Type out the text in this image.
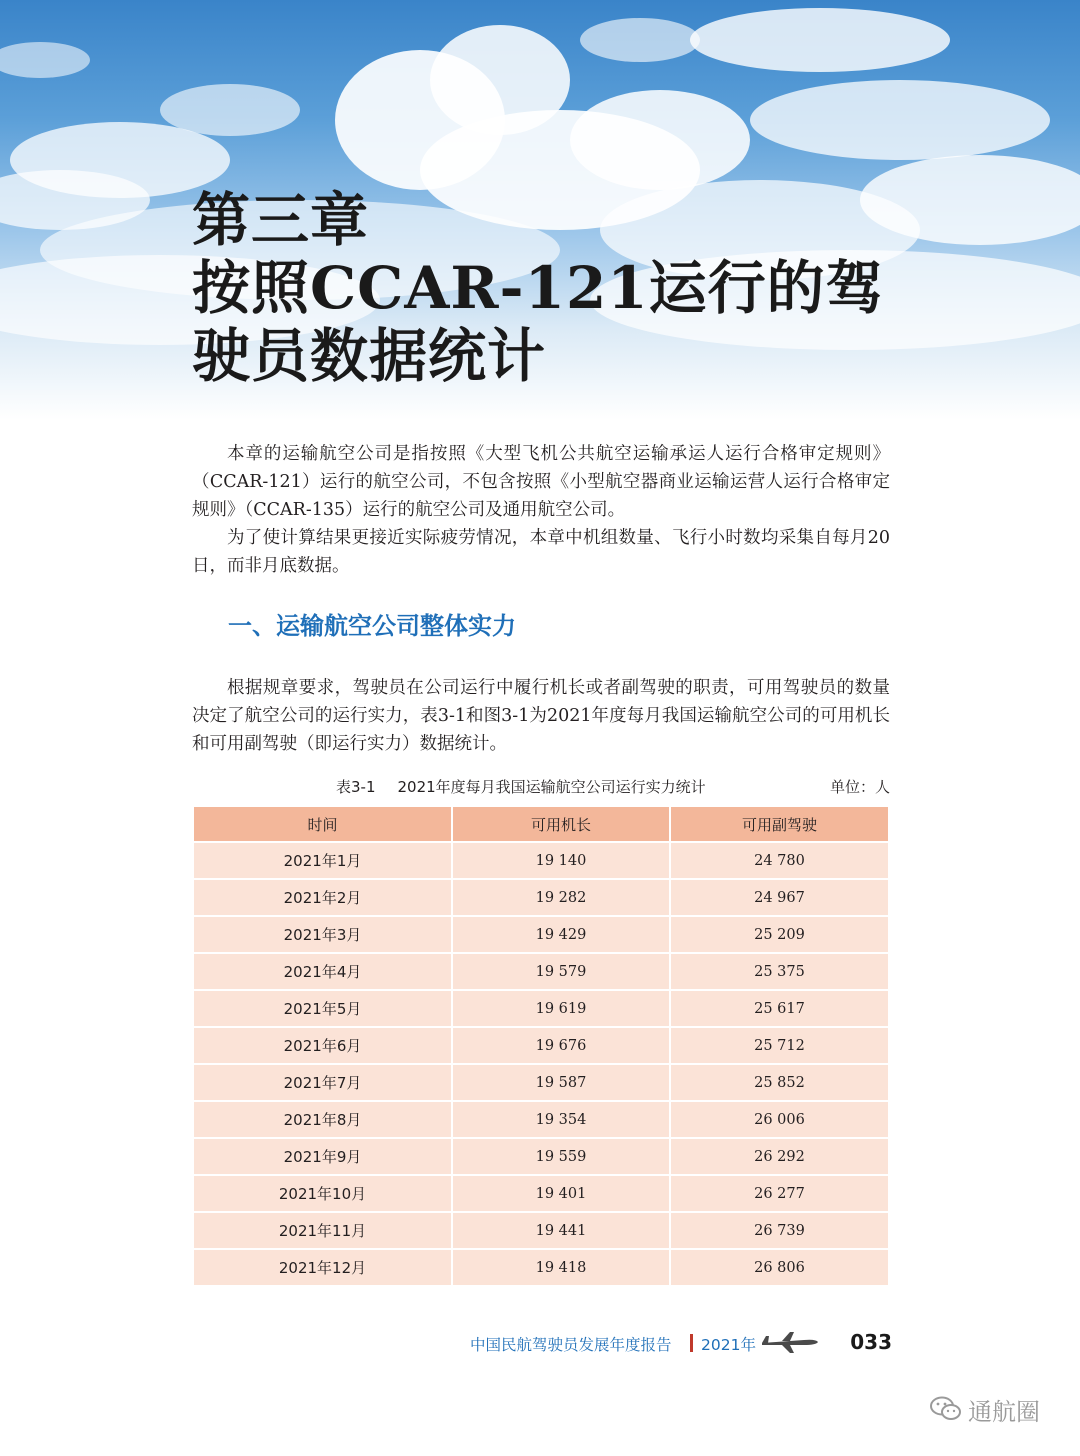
第三章
按照CCAR-121运行的驾
驶员数据统计

本章的运输航空公司是指按照《大型飞机公共航空运输承运人运行合格审定规则》（CCAR-121）运行的航空公司，不包含按照《小型航空器商业运输运营人运行合格审定规则》（CCAR-135）运行的航空公司及通用航空公司。

为了使计算结果更接近实际疲劳情况，本章中机组数量、飞行小时数均采集自每月20日，而非月底数据。

一、运输航空公司整体实力

根据规章要求，驾驶员在公司运行中履行机长或者副驾驶的职责，可用驾驶员的数量决定了航空公司的运行实力，表3-1和图3-1为2021年度每月我国运输航空公司的可用机长和可用副驾驶（即运行实力）数据统计。

表3-1 2021年度每月我国运输航空公司运行实力统计	单位：人
时间	可用机长	可用副驾驶
2021年1月	19 140	24 780
2021年2月	19 282	24 967
2021年3月	19 429	25 209
2021年4月	19 579	25 375
2021年5月	19 619	25 617
2021年6月	19 676	25 712
2021年7月	19 587	25 852
2021年8月	19 354	26 006
2021年9月	19 559	26 292
2021年10月	19 401	26 277
2021年11月	19 441	26 739
2021年12月	19 418	26 806
中国民航驾驶员发展年度报告 2021年	033
通航圈
